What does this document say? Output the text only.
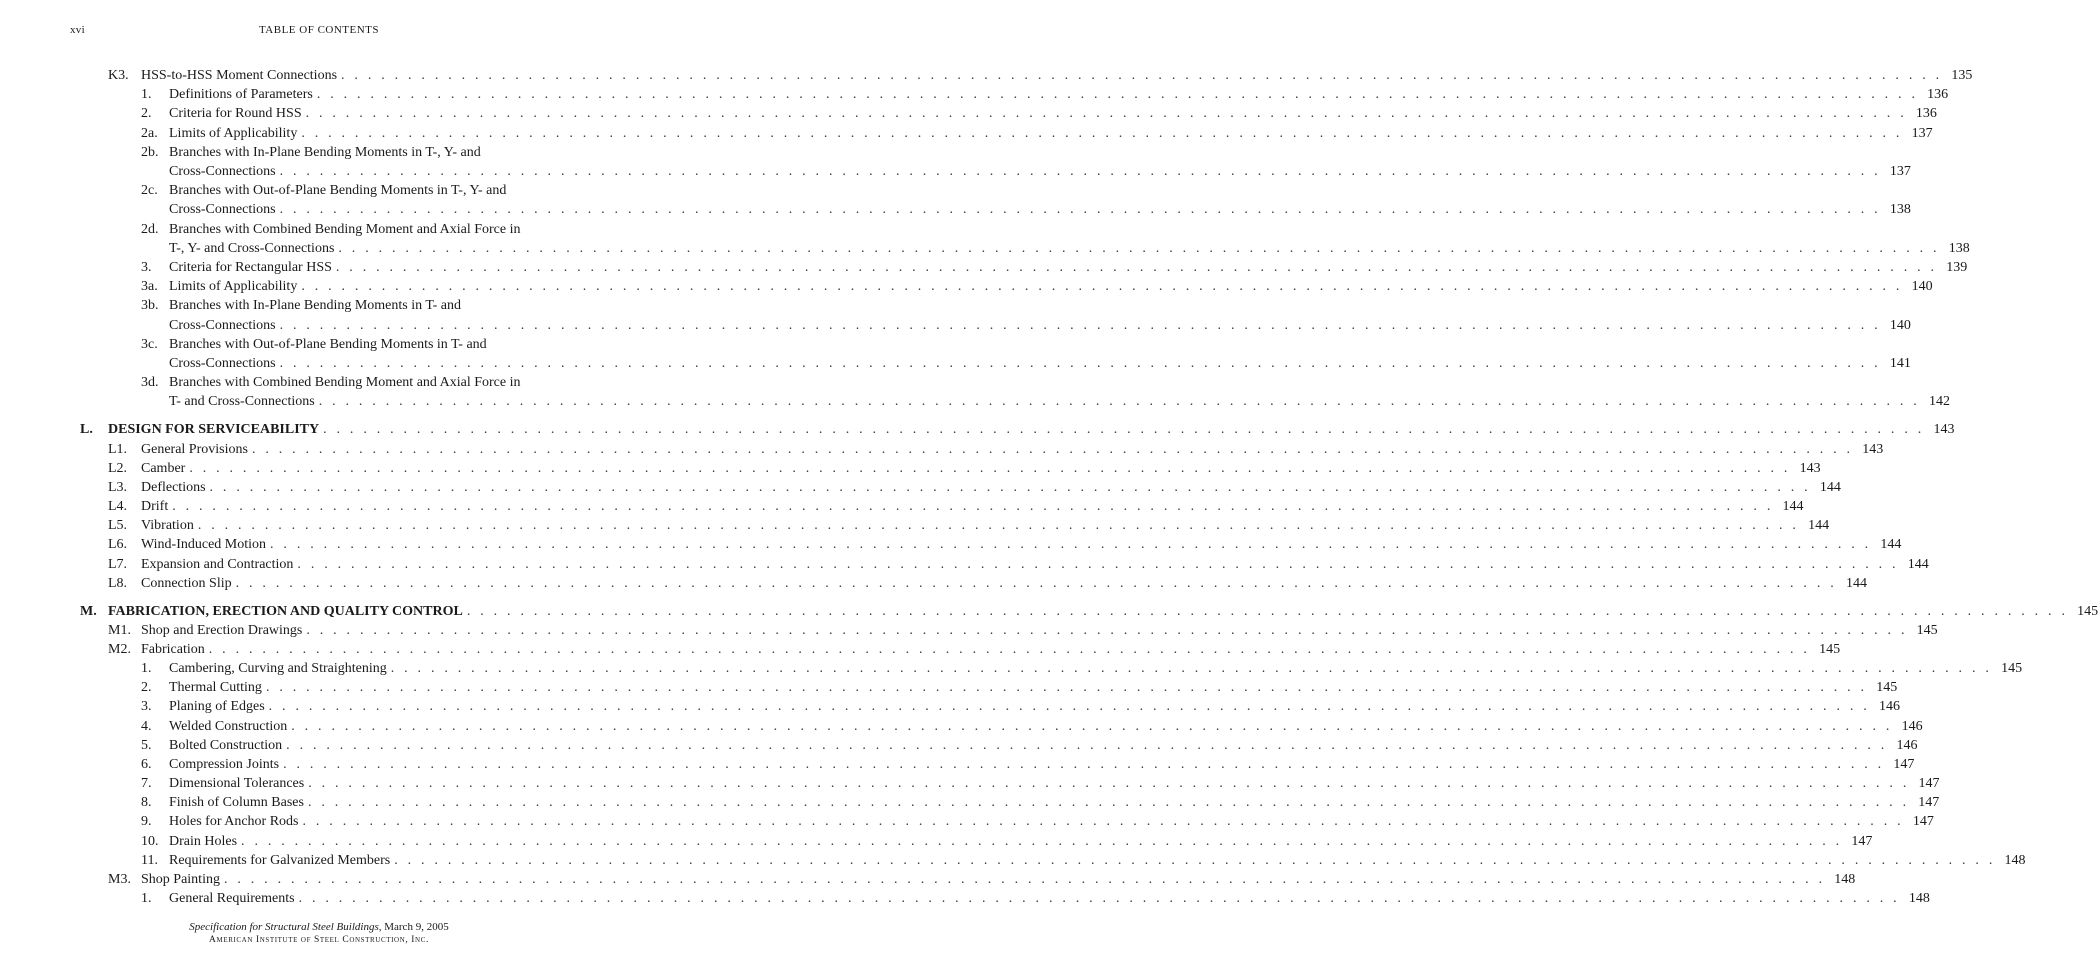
xvi	TABLE OF CONTENTS
K3. HSS-to-HSS Moment Connections . . . . . . . . . . . . . . . . . . . . . . . . . . . . . . . . . . . . . . . . . . . . . . . . . . . . . . . . . . . . . . . . . . . . . . . . . . . . . . . . . . . . . . . . . . . . . . . . . . . . . . . . . . . . . . . . . . . . . . . . 135
1. Definitions of Parameters . . . . . . . . . . . . . . . . . . . . . . . . . . . . . . . . . . . . . . . . . . . . . . . . . . . . . . . . . . . . . . . . . . . . . . . . . . . . . . . . . . . . . . . . . . . . . . . . . . . . . . . . . . . . . . . . . . . . . . . . 136
2. Criteria for Round HSS . . . . . . . . . . . . . . . . . . . . . . . . . . . . . . . . . . . . . . . . . . . . . . . . . . . . . . . . . . . . . . . . . . . . . . . . . . . . . . . . . . . . . . . . . . . . . . . . . . . . . . . . . . . . . . . . . . . . . . . . 136
2a. Limits of Applicability . . . . . . . . . . . . . . . . . . . . . . . . . . . . . . . . . . . . . . . . . . . . . . . . . . . . . . . . . . . . . . . . . . . . . . . . . . . . . . . . . . . . . . . . . . . . . . . . . . . . . . . . . . . . . . . . . . . . . . . . 137
2b. Branches with In-Plane Bending Moments in T-, Y- and
Cross-Connections . . . . . . . . . . . . . . . . . . . . . . . . . . . . . . . . . . . . . . . . . . . . . . . . . . . . . . . . . . . . . . . . . . . . . . . . . . . . . . . . . . . . . . . . . . . . . . . . . . . . . . . . . . . . . . . . . . . . . . . . 137
2c. Branches with Out-of-Plane Bending Moments in T-, Y- and
Cross-Connections . . . . . . . . . . . . . . . . . . . . . . . . . . . . . . . . . . . . . . . . . . . . . . . . . . . . . . . . . . . . . . . . . . . . . . . . . . . . . . . . . . . . . . . . . . . . . . . . . . . . . . . . . . . . . . . . . . . . . . . . 138
2d. Branches with Combined Bending Moment and Axial Force in
T-, Y- and Cross-Connections . . . . . . . . . . . . . . . . . . . . . . . . . . . . . . . . . . . . . . . . . . . . . . . . . . . . . . . . . . . . . . . . . . . . . . . . . . . . . . . . . . . . . . . . . . . . . . . . . . . . . . . . . . . . . . . . . . . . . . . . 138
3. Criteria for Rectangular HSS . . . . . . . . . . . . . . . . . . . . . . . . . . . . . . . . . . . . . . . . . . . . . . . . . . . . . . . . . . . . . . . . . . . . . . . . . . . . . . . . . . . . . . . . . . . . . . . . . . . . . . . . . . . . . . . . . . . . . . . . 139
3a. Limits of Applicability . . . . . . . . . . . . . . . . . . . . . . . . . . . . . . . . . . . . . . . . . . . . . . . . . . . . . . . . . . . . . . . . . . . . . . . . . . . . . . . . . . . . . . . . . . . . . . . . . . . . . . . . . . . . . . . . . . . . . . . . 140
3b. Branches with In-Plane Bending Moments in T- and
Cross-Connections . . . . . . . . . . . . . . . . . . . . . . . . . . . . . . . . . . . . . . . . . . . . . . . . . . . . . . . . . . . . . . . . . . . . . . . . . . . . . . . . . . . . . . . . . . . . . . . . . . . . . . . . . . . . . . . . . . . . . . . . 140
3c. Branches with Out-of-Plane Bending Moments in T- and
Cross-Connections . . . . . . . . . . . . . . . . . . . . . . . . . . . . . . . . . . . . . . . . . . . . . . . . . . . . . . . . . . . . . . . . . . . . . . . . . . . . . . . . . . . . . . . . . . . . . . . . . . . . . . . . . . . . . . . . . . . . . . . . 141
3d. Branches with Combined Bending Moment and Axial Force in
T- and Cross-Connections . . . . . . . . . . . . . . . . . . . . . . . . . . . . . . . . . . . . . . . . . . . . . . . . . . . . . . . . . . . . . . . . . . . . . . . . . . . . . . . . . . . . . . . . . . . . . . . . . . . . . . . . . . . . . . . . . . . . . . . . 142
L. DESIGN FOR SERVICEABILITY . . . . . . . . . . . . . . . . . . . . . . . . . . . . . . . . . . . . . . . . . . . . . . . . . . . . . . . . . . . . . . . . . . . . . . . . . . . . . . . . . . . . . . . . . . . . . . . . . . . . . . . . . . . . . . . . . . . . . . . . 143
L1. General Provisions . . . . . . . . . . . . . . . . . . . . . . . . . . . . . . . . . . . . . . . . . . . . . . . . . . . . . . . . . . . . . . . . . . . . . . . . . . . . . . . . . . . . . . . . . . . . . . . . . . . . . . . . . . . . . . . . . . . . . . . . 143
L2. Camber . . . . . . . . . . . . . . . . . . . . . . . . . . . . . . . . . . . . . . . . . . . . . . . . . . . . . . . . . . . . . . . . . . . . . . . . . . . . . . . . . . . . . . . . . . . . . . . . . . . . . . . . . . . . . . . . . . . . . . . . 143
L3. Deflections . . . . . . . . . . . . . . . . . . . . . . . . . . . . . . . . . . . . . . . . . . . . . . . . . . . . . . . . . . . . . . . . . . . . . . . . . . . . . . . . . . . . . . . . . . . . . . . . . . . . . . . . . . . . . . . . . . . . . . . . 144
L4. Drift . . . . . . . . . . . . . . . . . . . . . . . . . . . . . . . . . . . . . . . . . . . . . . . . . . . . . . . . . . . . . . . . . . . . . . . . . . . . . . . . . . . . . . . . . . . . . . . . . . . . . . . . . . . . . . . . . . . . . . . . 144
L5. Vibration . . . . . . . . . . . . . . . . . . . . . . . . . . . . . . . . . . . . . . . . . . . . . . . . . . . . . . . . . . . . . . . . . . . . . . . . . . . . . . . . . . . . . . . . . . . . . . . . . . . . . . . . . . . . . . . . . . . . . . . . 144
L6. Wind-Induced Motion . . . . . . . . . . . . . . . . . . . . . . . . . . . . . . . . . . . . . . . . . . . . . . . . . . . . . . . . . . . . . . . . . . . . . . . . . . . . . . . . . . . . . . . . . . . . . . . . . . . . . . . . . . . . . . . . . . . . . . . . 144
L7. Expansion and Contraction . . . . . . . . . . . . . . . . . . . . . . . . . . . . . . . . . . . . . . . . . . . . . . . . . . . . . . . . . . . . . . . . . . . . . . . . . . . . . . . . . . . . . . . . . . . . . . . . . . . . . . . . . . . . . . . . . . . . . . . . 144
L8. Connection Slip . . . . . . . . . . . . . . . . . . . . . . . . . . . . . . . . . . . . . . . . . . . . . . . . . . . . . . . . . . . . . . . . . . . . . . . . . . . . . . . . . . . . . . . . . . . . . . . . . . . . . . . . . . . . . . . . . . . . . . . . 144
M. FABRICATION, ERECTION AND QUALITY CONTROL . . . . . . . . . . . . . . . . . . . . . . . . . . . . . . . . . . . . . . . . . . . . . . . . . . . . . . . . . . . . . . . . . . . . . . . . . . . . . . . . . . . . . . . . . . . . . . . . . . . . . . . . . . . . . . . . . . . . . . . . 145
M1. Shop and Erection Drawings . . . . . . . . . . . . . . . . . . . . . . . . . . . . . . . . . . . . . . . . . . . . . . . . . . . . . . . . . . . . . . . . . . . . . . . . . . . . . . . . . . . . . . . . . . . . . . . . . . . . . . . . . . . . . . . . . . . . . . . . 145
M2. Fabrication . . . . . . . . . . . . . . . . . . . . . . . . . . . . . . . . . . . . . . . . . . . . . . . . . . . . . . . . . . . . . . . . . . . . . . . . . . . . . . . . . . . . . . . . . . . . . . . . . . . . . . . . . . . . . . . . . . . . . . . . 145
1. Cambering, Curving and Straightening . . . . . . . . . . . . . . . . . . . . . . . . . . . . . . . . . . . . . . . . . . . . . . . . . . . . . . . . . . . . . . . . . . . . . . . . . . . . . . . . . . . . . . . . . . . . . . . . . . . . . . . . . . . . . . . . . . . . . . . . 145
2. Thermal Cutting . . . . . . . . . . . . . . . . . . . . . . . . . . . . . . . . . . . . . . . . . . . . . . . . . . . . . . . . . . . . . . . . . . . . . . . . . . . . . . . . . . . . . . . . . . . . . . . . . . . . . . . . . . . . . . . . . . . . . . . . 145
3. Planing of Edges . . . . . . . . . . . . . . . . . . . . . . . . . . . . . . . . . . . . . . . . . . . . . . . . . . . . . . . . . . . . . . . . . . . . . . . . . . . . . . . . . . . . . . . . . . . . . . . . . . . . . . . . . . . . . . . . . . . . . . . . 146
4. Welded Construction . . . . . . . . . . . . . . . . . . . . . . . . . . . . . . . . . . . . . . . . . . . . . . . . . . . . . . . . . . . . . . . . . . . . . . . . . . . . . . . . . . . . . . . . . . . . . . . . . . . . . . . . . . . . . . . . . . . . . . . . 146
5. Bolted Construction . . . . . . . . . . . . . . . . . . . . . . . . . . . . . . . . . . . . . . . . . . . . . . . . . . . . . . . . . . . . . . . . . . . . . . . . . . . . . . . . . . . . . . . . . . . . . . . . . . . . . . . . . . . . . . . . . . . . . . . . 146
6. Compression Joints . . . . . . . . . . . . . . . . . . . . . . . . . . . . . . . . . . . . . . . . . . . . . . . . . . . . . . . . . . . . . . . . . . . . . . . . . . . . . . . . . . . . . . . . . . . . . . . . . . . . . . . . . . . . . . . . . . . . . . . . 147
7. Dimensional Tolerances . . . . . . . . . . . . . . . . . . . . . . . . . . . . . . . . . . . . . . . . . . . . . . . . . . . . . . . . . . . . . . . . . . . . . . . . . . . . . . . . . . . . . . . . . . . . . . . . . . . . . . . . . . . . . . . . . . . . . . . . 147
8. Finish of Column Bases . . . . . . . . . . . . . . . . . . . . . . . . . . . . . . . . . . . . . . . . . . . . . . . . . . . . . . . . . . . . . . . . . . . . . . . . . . . . . . . . . . . . . . . . . . . . . . . . . . . . . . . . . . . . . . . . . . . . . . . . 147
9. Holes for Anchor Rods . . . . . . . . . . . . . . . . . . . . . . . . . . . . . . . . . . . . . . . . . . . . . . . . . . . . . . . . . . . . . . . . . . . . . . . . . . . . . . . . . . . . . . . . . . . . . . . . . . . . . . . . . . . . . . . . . . . . . . . . 147
10. Drain Holes . . . . . . . . . . . . . . . . . . . . . . . . . . . . . . . . . . . . . . . . . . . . . . . . . . . . . . . . . . . . . . . . . . . . . . . . . . . . . . . . . . . . . . . . . . . . . . . . . . . . . . . . . . . . . . . . . . . . . . . . 147
11. Requirements for Galvanized Members . . . . . . . . . . . . . . . . . . . . . . . . . . . . . . . . . . . . . . . . . . . . . . . . . . . . . . . . . . . . . . . . . . . . . . . . . . . . . . . . . . . . . . . . . . . . . . . . . . . . . . . . . . . . . . . . . . . . . . . . 148
M3. Shop Painting . . . . . . . . . . . . . . . . . . . . . . . . . . . . . . . . . . . . . . . . . . . . . . . . . . . . . . . . . . . . . . . . . . . . . . . . . . . . . . . . . . . . . . . . . . . . . . . . . . . . . . . . . . . . . . . . . . . . . . . . 148
1. General Requirements . . . . . . . . . . . . . . . . . . . . . . . . . . . . . . . . . . . . . . . . . . . . . . . . . . . . . . . . . . . . . . . . . . . . . . . . . . . . . . . . . . . . . . . . . . . . . . . . . . . . . . . . . . . . . . . . . . . . . . . . 148
Specification for Structural Steel Buildings, March 9, 2005
American Institute of Steel Construction, Inc.
